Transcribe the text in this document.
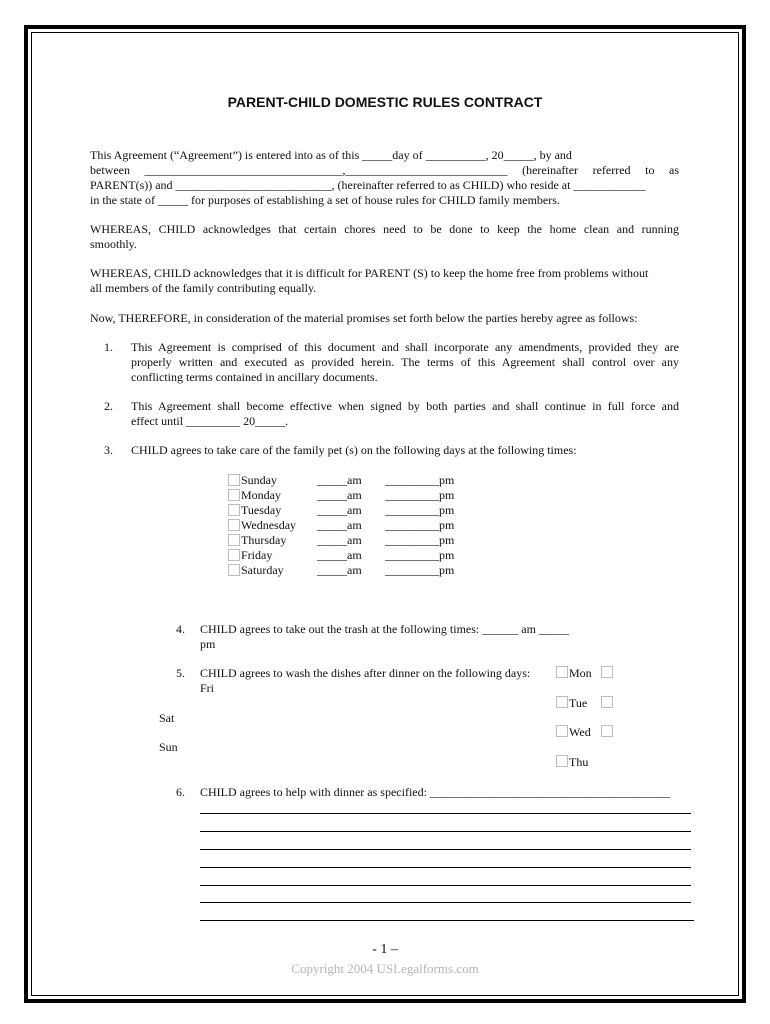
PARENT-CHILD DOMESTIC RULES CONTRACT
This Agreement (“Agreement”) is entered into as of this _____day of __________, 20_____, by and
between _________________________________,___________________________ (hereinafter referred to as
PARENT(s)) and __________________________, (hereinafter referred to as CHILD) who reside at ____________
in the state of _____ for purposes of establishing a set of house rules for CHILD family members.
WHEREAS, CHILD acknowledges that certain chores need to be done to keep the home clean and running
smoothly.
WHEREAS, CHILD acknowledges that it is difficult for PARENT (S) to keep the home free from problems without
all members of the family contributing equally.
Now, THEREFORE, in consideration of the material promises set forth below the parties hereby agree as follows:
1. This Agreement is comprised of this document and shall incorporate any amendments, provided they are
properly written and executed as provided herein. The terms of this Agreement shall control over any
conflicting terms contained in ancillary documents.
2. This Agreement shall become effective when signed by both parties and shall continue in full force and
effect until _________ 20_____.
3. CHILD agrees to take care of the family pet (s) on the following days at the following times:
Sunday	_____am _________pm
Monday	_____am _________pm
Tuesday	_____am _________pm
Wednesday _____am _________pm
Thursday	_____am _________pm
Friday	_____am _________pm
Saturday	_____am _________pm
4. CHILD agrees to take out the trash at the following times: ______ am _____
pm
5. CHILD agrees to wash the dishes after dinner on the following days:
Fri
Sat
Sun
Mon
Tue
Wed
Thu
6. CHILD agrees to help with dinner as specified: ________________________________________
- 1 –
Copyright 2004 USLegalforms.com
